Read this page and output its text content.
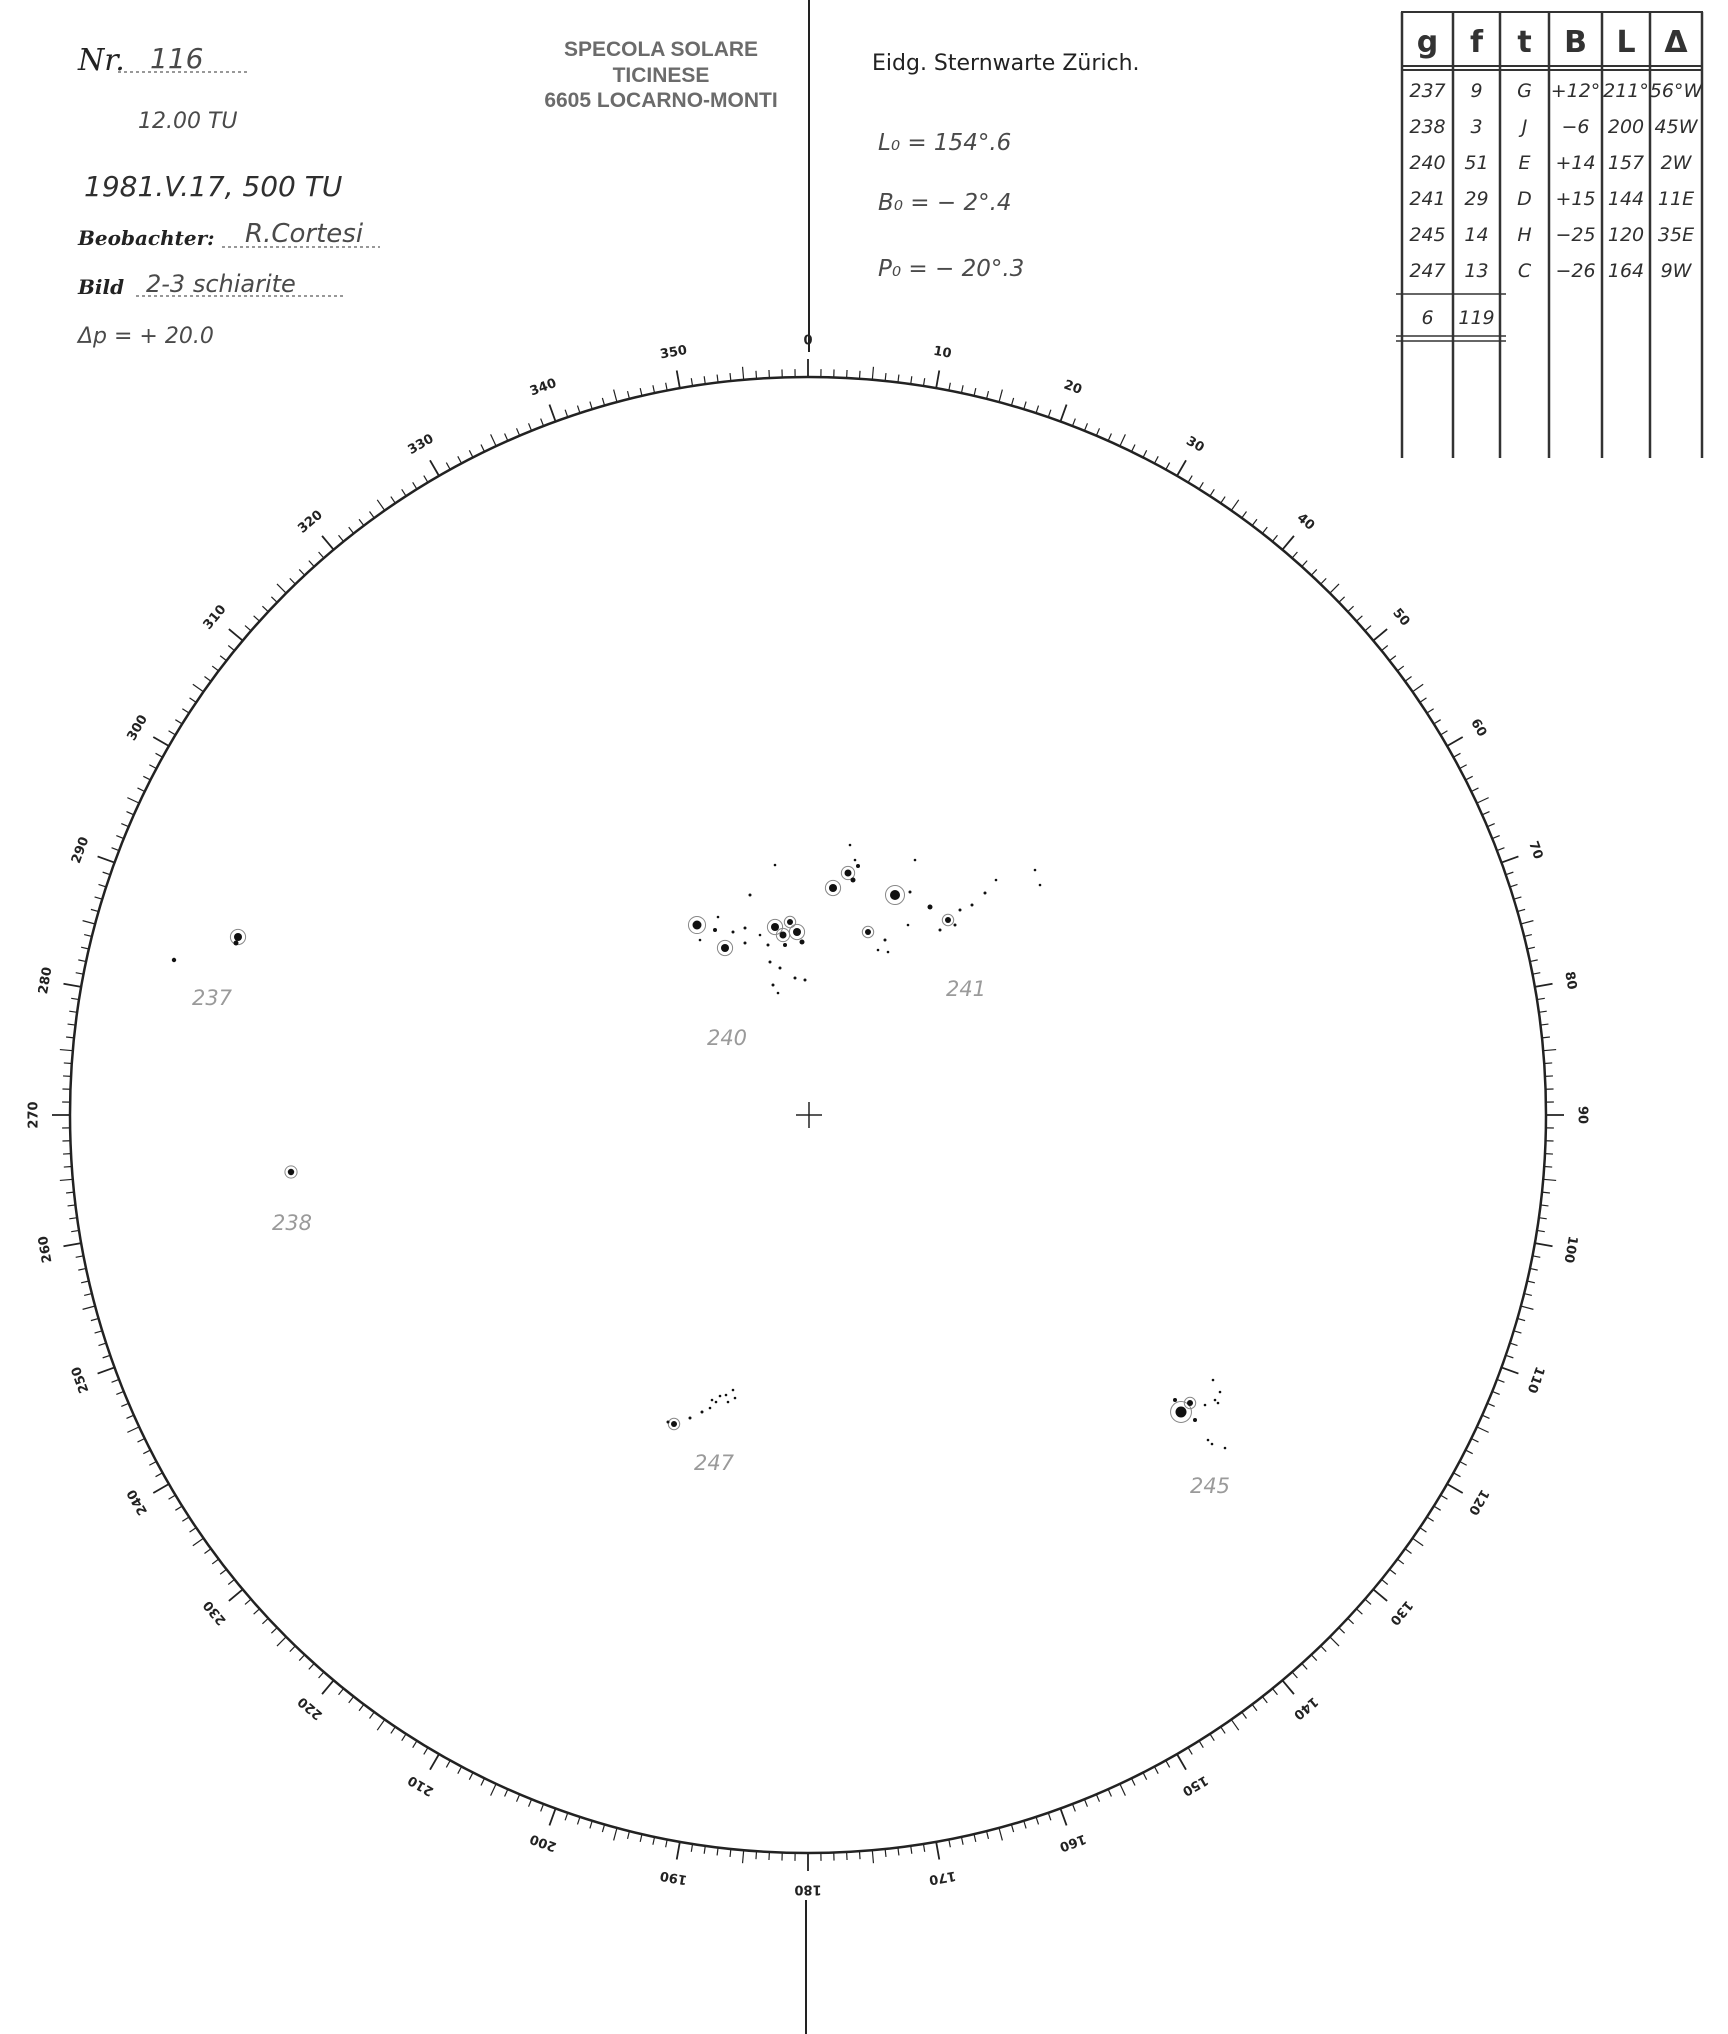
Nr. 116
12.00 TU
1981.V.17, 500 TU
Beobachter: R.Cortesi
Bild 2-3 schiarite
Δp = + 20.0
SPECOLA SOLARE
TICINESE
6605 LOCARNO-MONTI
Eidg. Sternwarte Zürich.
L₀ = 154°.6
B₀ = − 2°.4
P₀ = − 20°.3
g f t B L Δ
237 9 G +12° 211° 56°W
238 3 J −6 200 45W
240 51 E +14 157 2W
241 29 D +15 144 11E
245 14 H −25 120 35E
247 13 C −26 164 9W
6 119
0
10
20
30
40
50
60
70
80
90
100
110
120
130
140
150
160
170
180
190
200
210
220
230
240
250
260
270
280
290
300
310
320
330
340
350
237
238
240
241
245
247
